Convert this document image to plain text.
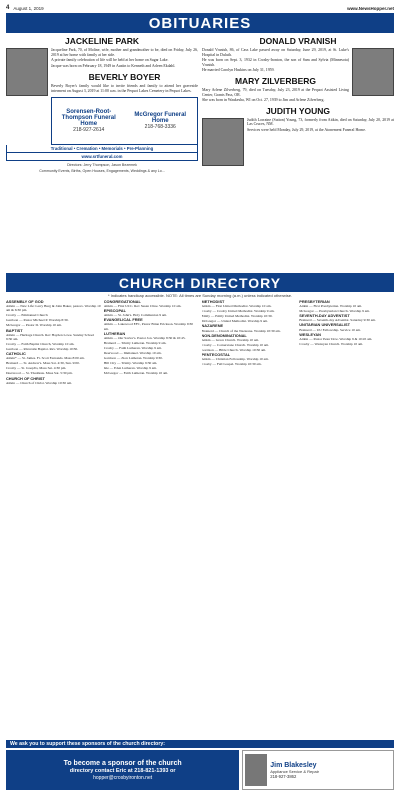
4 August 1, 2019	www.NewsHopper.net
OBITUARIES
JACKELINE PARK

Jacqueline Park, 70, of Moline, wife, mother and grandmother to be, died on Friday, July 26, 2019 at her home with family at her side.

A private family celebration of life will be held at her home on Sugar Lake.

Jacque was born on February 18, 1949 in Austin to Kenneth and Arleen Ekdahl.

BEVERLY BOYER

Beverly Boyer's family would like to invite friends and family to attend her graveside interment on August 3, 2019 at 11:00 a.m. in the Pequot Lakes Cemetery in Pequot Lakes.

Sorensen-Root-Thompson Funeral Home
218-927-2614
McGregor Funeral Home
218-768-3336
Traditional • Cremation • Memorials • Pre-Planning
www.srtfuneral.com
Directors: Jerry Thompson, Jason Bezemek
Community Events, Births, Open Houses, Engagements, Weddings & any Lo...
DONALD VRANISH

Donald Vranish, 86, of Cass Lake passed away on Saturday, June 29, 2019, at St. Luke's Hospital in Duluth.

He was born on Sept. 3, 1932 in Crosby-Ironton, the son of Sam and Sylvia (Minnesota) Vranish.

He married Carolyn Haskins on July 31, 1959.

MARY ZILVERBERG

Mary Arlene Zilverberg, 79, died on Tuesday, July 23, 2019 at the Pequot Assisted Living Center, Grants Pass, OR.

She was born in Waukesha, WI on Oct. 27, 1939 to Jim and Arlene Zilverberg.

JUDITH YOUNG

Judith Lorraine (Sutton) Young, 73, formerly from Aitkin, died on Saturday, July 20, 2019 at Las Cruces, NM.

Services were held Monday, July 29, 2019, at the Atonement Funeral Home.

CHURCH DIRECTORY
* Indicates handicap accessible. NOTE: All times are Sunday morning (a.m.) unless indicated otherwise.
ASSEMBLY OF GOD

Aitkin — New Life: Larry Burg & John Baker, pastors. Worship 10 am & 6:30 pm.

Crosby — Emmanuel Church

Garrison — Pastor Michael P. Worship 8:30.

McGregor — Pastor D. Worship 10 am.

BAPTIST

Aitkin — Heritage Church. Rev Hayden Lowe. Sunday School 9:30 am.

Crosby — Faith Baptist Church, Worship 10 am.

Garrison — Riverside Baptist. Rev. Worship 10:30.

CATHOLIC

Aitkin* — St. James. Fr. Scott Fernands. Mass 8:00 am.

Brainerd — St. Andrew's. Mass Sat. 4:30, Sun. 9:00.

Crosby — St. Joseph's, Mass Sat. 4:30 pm.

Deerwood — St. Thaddeus. Mass Sat. 5:30 pm.

CHURCH OF CHRIST

Aitkin — Church of Christ. Worship 10:30 am.

CONGREGATIONAL

Aitkin — First UCC. Rev Susan Cline. Worship 10 am.

EPISCOPAL

Aitkin — St. John's. Holy Communion 9 am.

EVANGELICAL FREE

Aitkin — Lakewood EFC, Pastor Brian Erickson. Worship 9:30 am.

LUTHERAN

Aitkin — Our Savior's. Pastor Jon. Worship 8:30 & 10:45.

Brainerd — Trinity Lutheran. Worship 9 am.

Crosby — Faith Lutheran. Worship 9 am.

Deerwood — Immanuel. Worship 10 am.

Garrison — Zion Lutheran. Worship 9:30.

Hill City — Trinity. Worship 9:30 am.

Isle — Eden Lutheran. Worship 9 am.

McGregor — Faith Lutheran. Worship 10 am.

METHODIST

Aitkin — First United Methodist. Worship 10 am.

Crosby — Crosby United Methodist. Worship 9 am.

Emily — Emily United Methodist. Worship 10:30.

McGregor — United Methodist. Worship 9 am.

NAZARENE

Brainerd — Church of the Nazarene. Worship 10:30 am.

NON-DENOMINATIONAL

Aitkin — Grace Church. Worship 10 am.

Crosby — Cornerstone Church. Worship 10 am.

Garrison — Bible Church. Worship 10:30 am.

PENTECOSTAL

Aitkin — Christian Fellowship. Worship 10 am.

Crosby — Full Gospel. Worship 10:30 am.

PRESBYTERIAN

Aitkin — First Presbyterian. Worship 10 am.

McGregor — Presbyterian Church. Worship 9 am.

SEVENTH-DAY ADVENTIST

Brainerd — Seventh-day Adventist. Saturday 9:30 am.

UNITARIAN UNIVERSALIST

Brainerd — UU Fellowship. Service 10 am.

WESLEYAN

Aitkin — Pastor Peter Dow. Worship 9 & 10:45 am.

Crosby — Wesleyan Church. Worship 10 am.

We ask you to support these sponsors of the church directory:
To become a sponsor of the church
directory contact Eric at 218-821-1393 or
hopper@crosbyironton.net
Jim Blakesley
Appliance Service & Repair
218-927-3862
